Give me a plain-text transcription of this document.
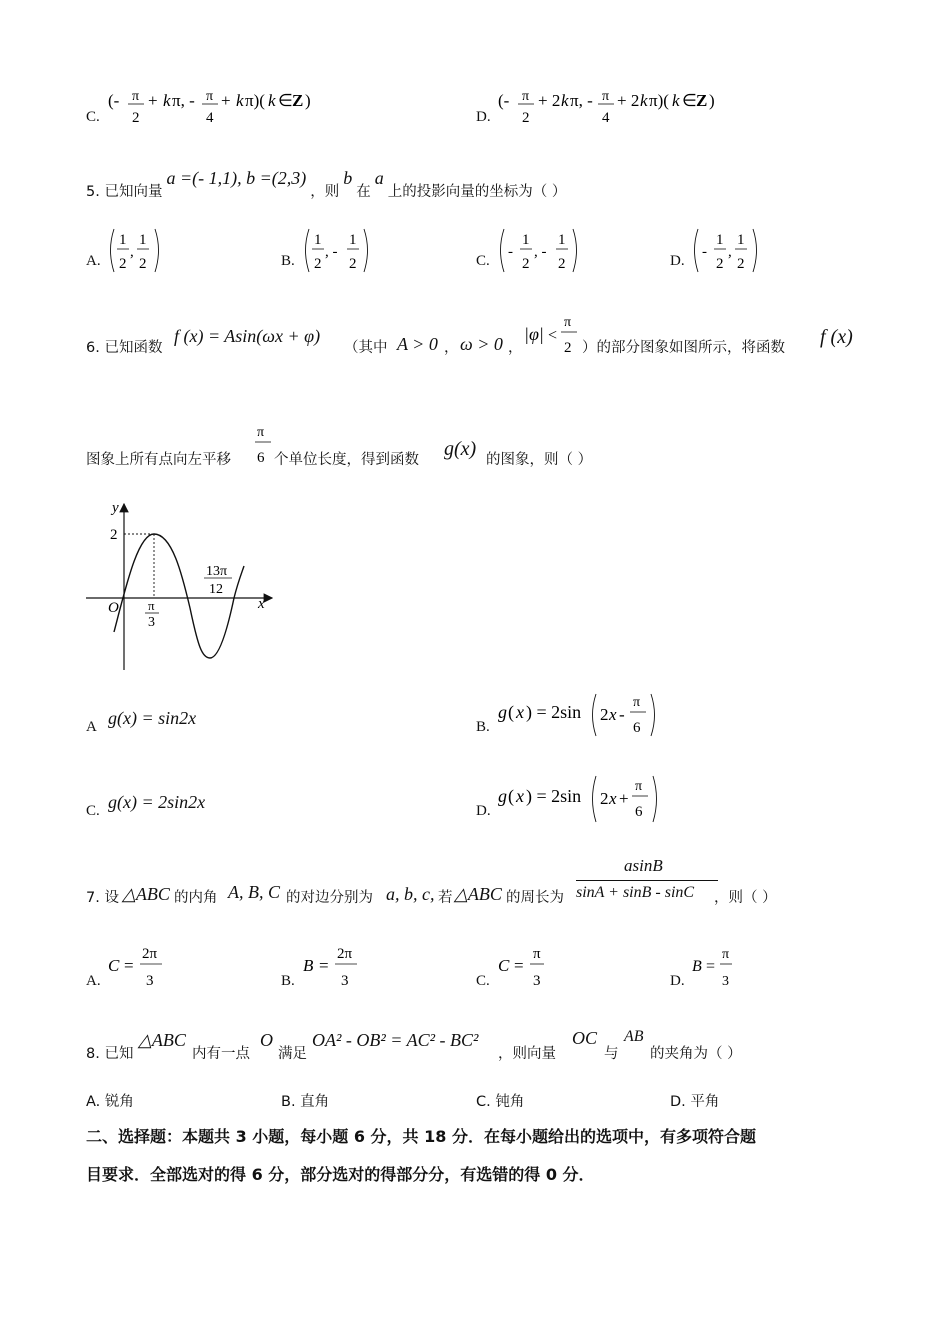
C.
(- π
2
+ k π, - π
4
+ k π)( k ∈ Z )
D.
(- π
2
+ 2 k π, - π
4
+ 2 k π)( k ∈ Z )
5. 已知向量 a =(- 1,1), b =(2,3) ，则 b 在 a 上的投影向量的坐标为（ ）
A.
1
2
,
1
2	B.
1
2
, -
1
2	C.
-
1
2
, -
1
2	D.
-
1
2
,
1
2
6. 已知函数
f (x) = Asin(ωx + φ)
（其中 A > 0 ， ω > 0 ，
|φ| <
π
2 ）的部分图象如图所示，将函数 f (x)
图象上所有点向左平移
π
6 个单位长度，得到函数 g(x) 的图象，则（ ）
y
x
O
2
π
3
13π
12
A g(x) = sin2x	B.
g ( x ) = 2sin 2 x -
π
6
C. g(x) = 2sin2x	D.
g ( x ) = 2sin 2 x +
π
6
7. 设 △ABC 的内角 A, B, C 的对边分别为 a, b, c, 若 △ABC 的周长为
asinB
sinA + sinB - sinC ，则（ ）
A.
C =
2π
3	B.
B =
2π
3	C.
C =
π
3	D.
B =
π
3
8. 已知
△ABC
内有一点
O
满足
OA² - OB² = AC² - BC²
，则向量
OC
与
AB
的夹角为（ ）
A. 锐角	B. 直角	C. 钝角	D. 平角
二、选择题：本题共 3 小题，每小题 6 分，共 18 分．在每小题给出的选项中，有多项符合题
目要求．全部选对的得 6 分，部分选对的得部分分，有选错的得 0 分．
